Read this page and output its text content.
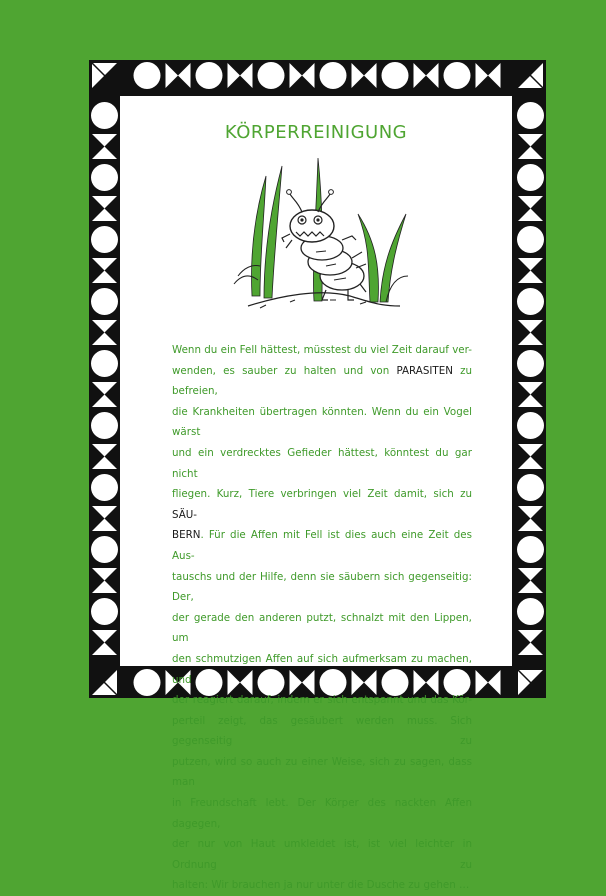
KÖRPERREINIGUNG
Wenn du ein Fell hättest, müsstest du viel Zeit darauf ver-
wenden, es sauber zu halten und von PARASITEN zu befreien,
die Krankheiten übertragen könnten. Wenn du ein Vogel wärst
und ein verdrecktes Gefieder hättest, könntest du gar nicht
fliegen. Kurz, Tiere verbringen viel Zeit damit, sich zu SÄU-
BERN. Für die Affen mit Fell ist dies auch eine Zeit des Aus-
tauschs und der Hilfe, denn sie säubern sich gegenseitig: Der,
der gerade den anderen putzt, schnalzt mit den Lippen, um
den schmutzigen Affen auf sich aufmerksam zu machen, und
der reagiert darauf, indem er sich entspannt und das Kör-
perteil zeigt, das gesäubert werden muss. Sich gegenseitig	zu
putzen, wird so auch zu einer Weise, sich zu sagen, dass man
in Freundschaft lebt. Der Körper des nackten Affen dagegen,
der nur von Haut umkleidet ist, ist viel leichter in Ordnung	zu
halten: Wir brauchen ja nur unter die Dusche zu gehen …
